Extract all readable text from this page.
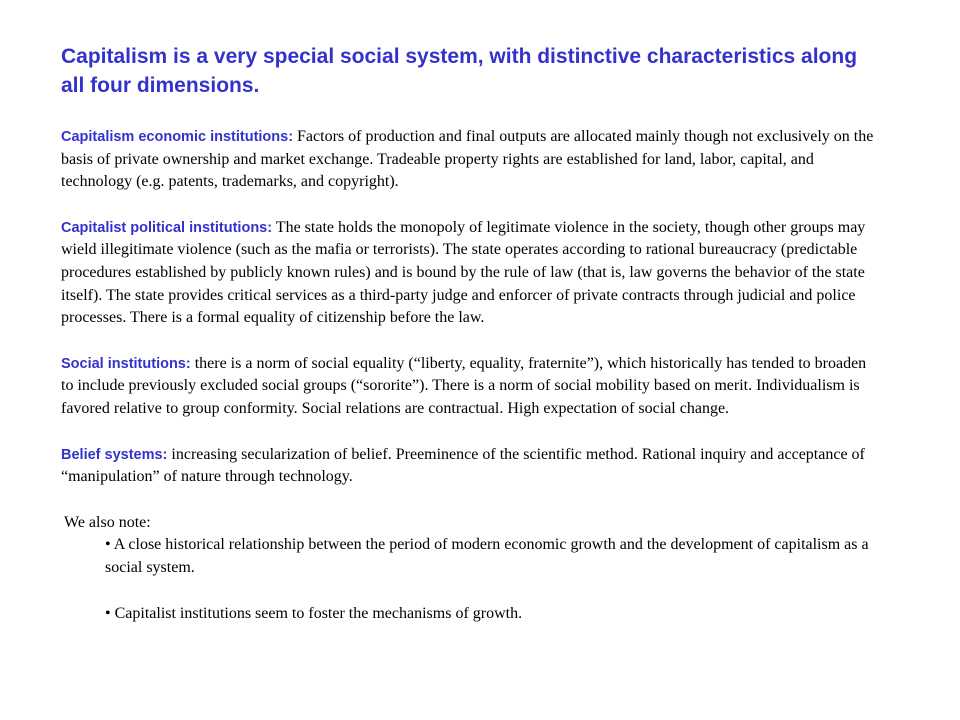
Capitalism is a very special social system, with distinctive characteristics along all four dimensions.
Capitalism economic institutions: Factors of production and final outputs are allocated mainly though not exclusively on the basis of private ownership and market exchange. Tradeable property rights are established for land, labor, capital, and technology (e.g. patents, trademarks, and copyright).
Capitalist political institutions: The state holds the monopoly of legitimate violence in the society, though other groups may wield illegitimate violence (such as the mafia or terrorists). The state operates according to rational bureaucracy (predictable procedures established by publicly known rules) and is bound by the rule of law (that is, law governs the behavior of the state itself). The state provides critical services as a third-party judge and enforcer of private contracts through judicial and police processes. There is a formal equality of citizenship before the law.
Social institutions: there is a norm of social equality (“liberty, equality, fraternite”), which historically has tended to broaden to include previously excluded social groups (“sororite”). There is a norm of social mobility based on merit. Individualism is favored relative to group conformity. Social relations are contractual. High expectation of social change.
Belief systems: increasing secularization of belief. Preeminence of the scientific method. Rational inquiry and acceptance of “manipulation” of nature through technology.
We also note:
• A close historical relationship between the period of modern economic growth and the development of capitalism as a social system.
• Capitalist institutions seem to foster the mechanisms of growth.
